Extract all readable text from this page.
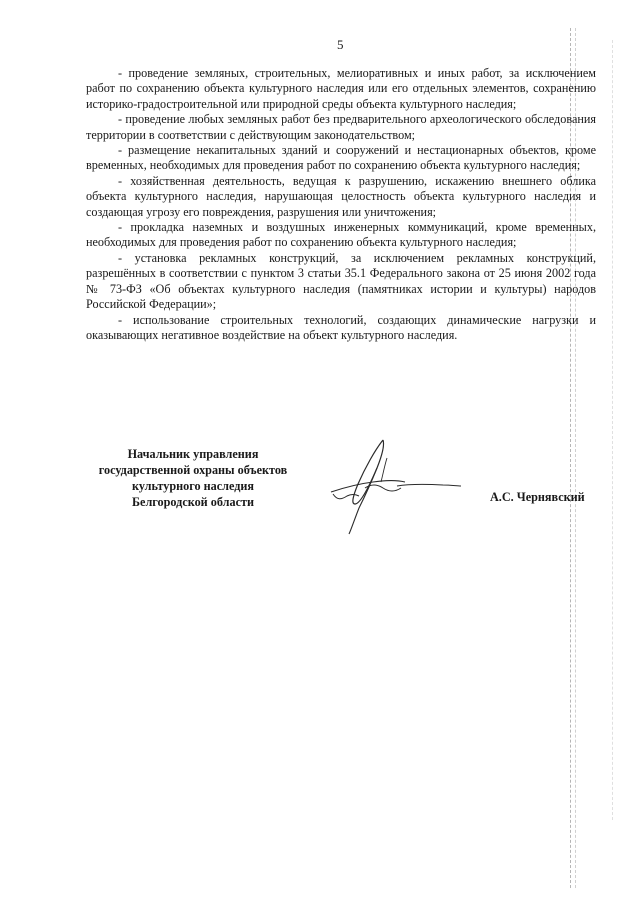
5

- проведение земляных, строительных, мелиоративных и иных работ, за исключением работ по сохранению объекта культурного наследия или его отдельных элементов, сохранению историко-градостроительной или природной среды объекта культурного наследия;

- проведение любых земляных работ без предварительного археологического обследования территории в соответствии с действующим законодательством;

- размещение некапитальных зданий и сооружений и нестационарных объектов, кроме временных, необходимых для проведения работ по сохранению объекта культурного наследия;

- хозяйственная деятельность, ведущая к разрушению, искажению внешнего облика объекта культурного наследия, нарушающая целостность объекта культурного наследия и создающая угрозу его повреждения, разрушения или уничтожения;

- прокладка наземных и воздушных инженерных коммуникаций, кроме временных, необходимых для проведения работ по сохранению объекта культурного наследия;

- установка рекламных конструкций, за исключением рекламных конструкций, разрешённых в соответствии с пунктом 3 статьи 35.1 Федерального закона от 25 июня 2002 года № 73-ФЗ «Об объектах культурного наследия (памятниках истории и культуры) народов Российской Федерации»;

- использование строительных технологий, создающих динамические нагрузки и оказывающих негативное воздействие на объект культурного наследия.

Начальник управления
государственной охраны объектов
культурного наследия
Белгородской области	А.С. Чернявский
